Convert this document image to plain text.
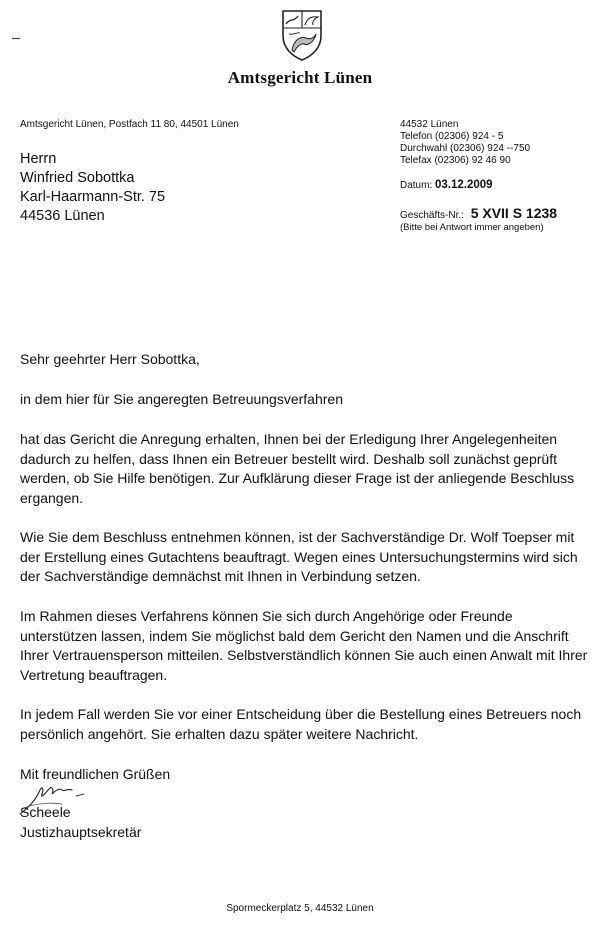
Amtsgericht Lünen
Amtsgericht Lünen, Postfach 11 80, 44501 Lünen
Herrn
Winfried Sobottka
Karl-Haarmann-Str. 75
44536 Lünen
44532 Lünen
Telefon (02306) 924 - 5
Durchwahl (02306) 924 --750
Telefax (02306) 92 46 90
Datum: 03.12.2009
Geschäfts-Nr.: 5 XVII S 1238
(Bitte bei Antwort immer angeben)
Sehr geehrter Herr Sobottka,
in dem hier für Sie angeregten Betreuungsverfahren
hat das Gericht die Anregung erhalten, Ihnen bei der Erledigung Ihrer Angelegenheiten dadurch zu helfen, dass Ihnen ein Betreuer bestellt wird. Deshalb soll zunächst geprüft werden, ob Sie Hilfe benötigen. Zur Aufklärung dieser Frage ist der anliegende Beschluss ergangen.
Wie Sie dem Beschluss entnehmen können, ist der Sachverständige Dr. Wolf Toepser mit der Erstellung eines Gutachtens beauftragt. Wegen eines Untersuchungstermins wird sich der Sachverständige demnächst mit Ihnen in Verbindung setzen.
Im Rahmen dieses Verfahrens können Sie sich durch Angehörige oder Freunde unterstützen lassen, indem Sie möglichst bald dem Gericht den Namen und die Anschrift Ihrer Vertrauensperson mitteilen. Selbstverständlich können Sie auch einen Anwalt mit Ihrer Vertretung beauftragen.
In jedem Fall werden Sie vor einer Entscheidung über die Bestellung eines Betreuers noch persönlich angehört. Sie erhalten dazu später weitere Nachricht.
Mit freundlichen Grüßen
Scheele
Justizhauptsekretär
Spormeckerplatz 5, 44532 Lünen
